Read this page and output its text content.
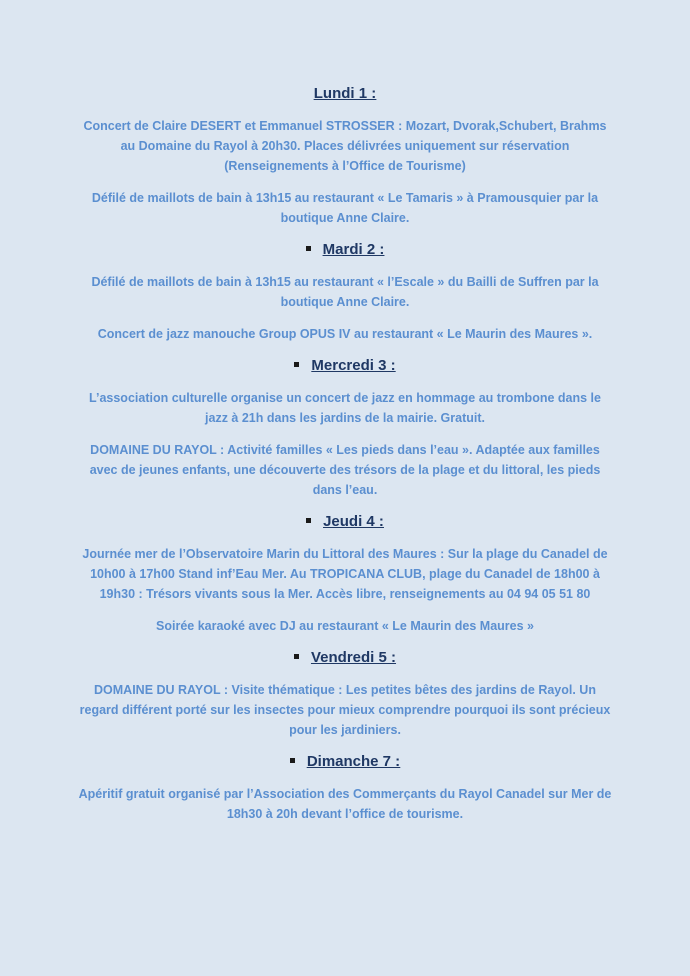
Lundi 1 :

Concert de Claire DESERT et Emmanuel STROSSER : Mozart, Dvorak,Schubert, Brahms au Domaine du Rayol à 20h30. Places délivrées uniquement sur réservation (Renseignements à l’Office de Tourisme)

Défilé de maillots de bain à 13h15 au restaurant « Le Tamaris » à Pramousquier par la boutique Anne Claire.

Mardi 2 :

Défilé de maillots de bain à 13h15 au restaurant « l’Escale » du Bailli de Suffren par la boutique Anne Claire.

Concert de jazz manouche Group OPUS IV au restaurant « Le Maurin des Maures ».

Mercredi 3 :

L’association culturelle organise un concert de jazz en hommage au trombone dans le jazz à 21h dans les jardins de la mairie. Gratuit.

DOMAINE DU RAYOL : Activité familles « Les pieds dans l’eau ». Adaptée aux familles avec de jeunes enfants, une découverte des trésors de la plage et du littoral, les pieds dans l’eau.

Jeudi 4 :

Journée mer de l’Observatoire Marin du Littoral des Maures : Sur la plage du Canadel de 10h00 à 17h00 Stand inf’Eau Mer. Au TROPICANA CLUB, plage du Canadel de 18h00 à 19h30 : Trésors vivants sous la Mer. Accès libre, renseignements au 04 94 05 51 80

Soirée karaoké avec DJ au restaurant « Le Maurin des Maures »

Vendredi 5 :

DOMAINE DU RAYOL : Visite thématique : Les petites bêtes des jardins de Rayol. Un regard différent porté sur les insectes pour mieux comprendre pourquoi ils sont précieux pour les jardiniers.

Dimanche 7 :

Apéritif gratuit organisé par l’Association des Commerçants du Rayol Canadel sur Mer de 18h30 à 20h devant l’office de tourisme.
